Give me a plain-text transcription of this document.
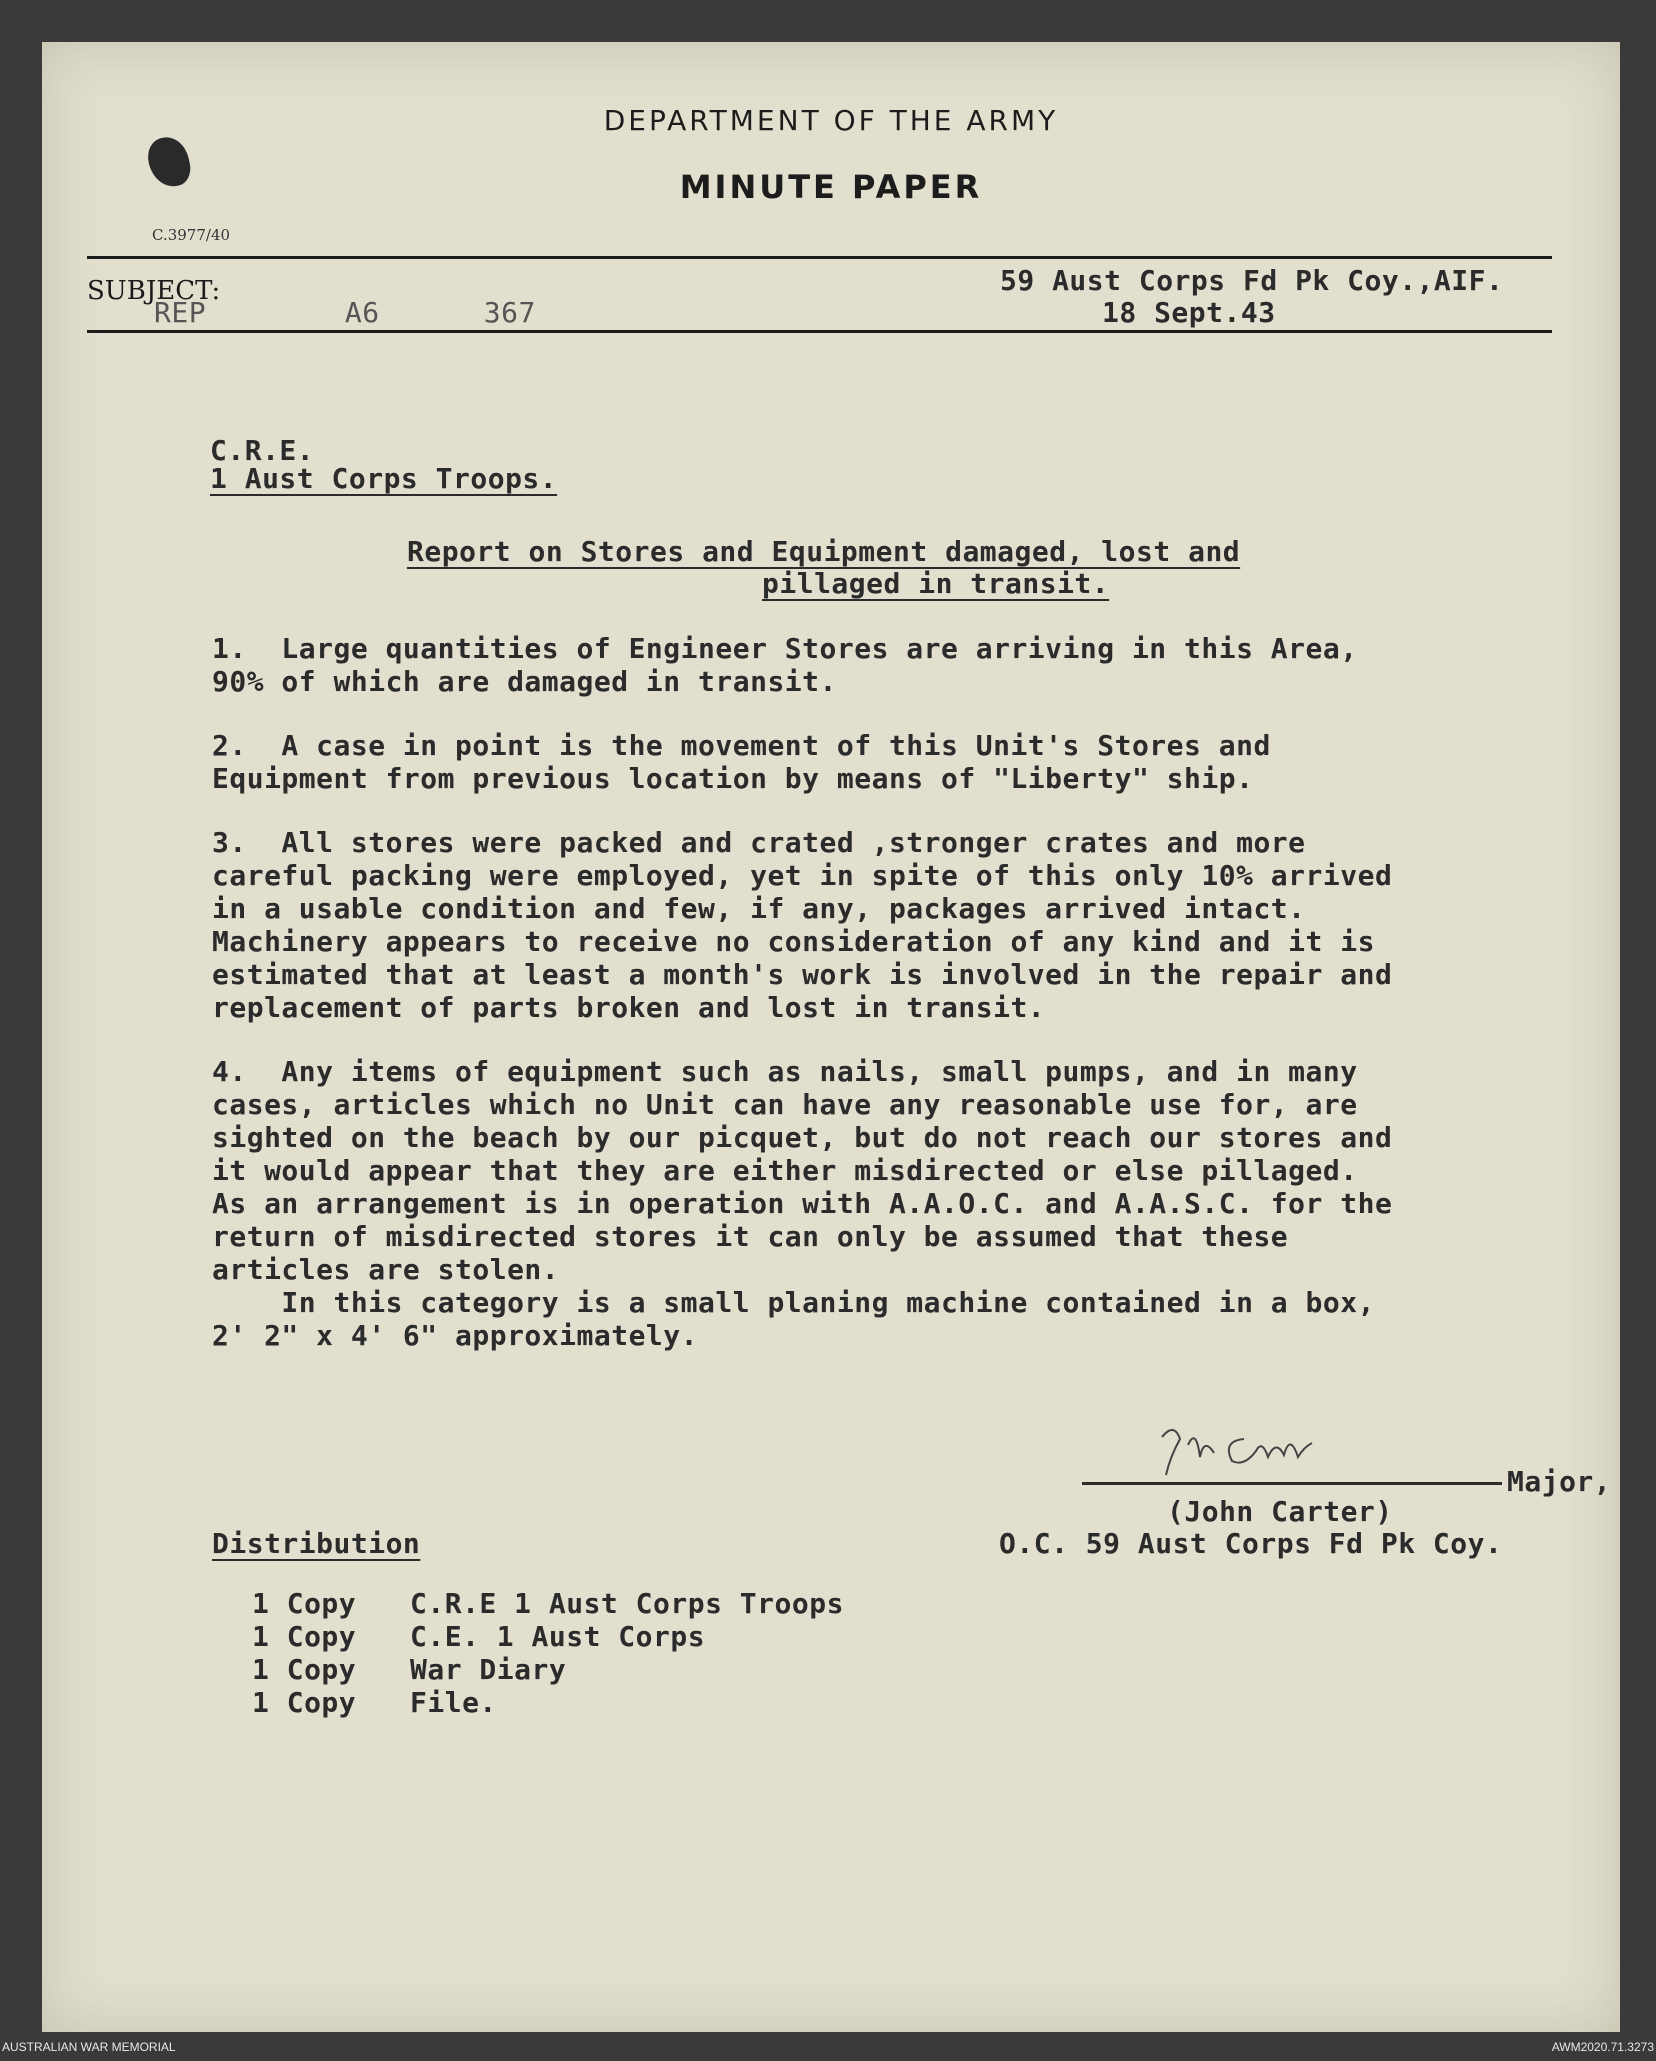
DEPARTMENT OF THE ARMY
MINUTE PAPER
C.3977/40
SUBJECT:
REP        A6      367
59 Aust Corps Fd Pk Coy.,AIF.
18 Sept.43
C.R.E.
1 Aust Corps Troops.
Report on Stores and Equipment damaged, lost and
pillaged in transit.
1.  Large quantities of Engineer Stores are arriving in this Area,
90% of which are damaged in transit.
2.  A case in point is the movement of this Unit's Stores and
Equipment from previous location by means of "Liberty" ship.
3.  All stores were packed and crated ,stronger crates and more
careful packing were employed, yet in spite of this only 10% arrived
in a usable condition and few, if any, packages arrived intact.
Machinery appears to receive no consideration of any kind and it is
estimated that at least a month's work is involved in the repair and
replacement of parts broken and lost in transit.
4.  Any items of equipment such as nails, small pumps, and in many
cases, articles which no Unit can have any reasonable use for, are
sighted on the beach by our picquet, but do not reach our stores and
it would appear that they are either misdirected or else pillaged.
As an arrangement is in operation with A.A.O.C. and A.A.S.C. for the
return of misdirected stores it can only be assumed that these
articles are stolen.
In this category is a small planing machine contained in a box,
2' 2" x 4' 6" approximately.
Major,
(John Carter)
O.C. 59 Aust Corps Fd Pk Coy.
Distribution
1 Copy C.R.E 1 Aust Corps Troops
1 Copy C.E. 1 Aust Corps
1 Copy War Diary
1 Copy File.
AUSTRALIAN WAR MEMORIAL	AWM2020.71.3273
